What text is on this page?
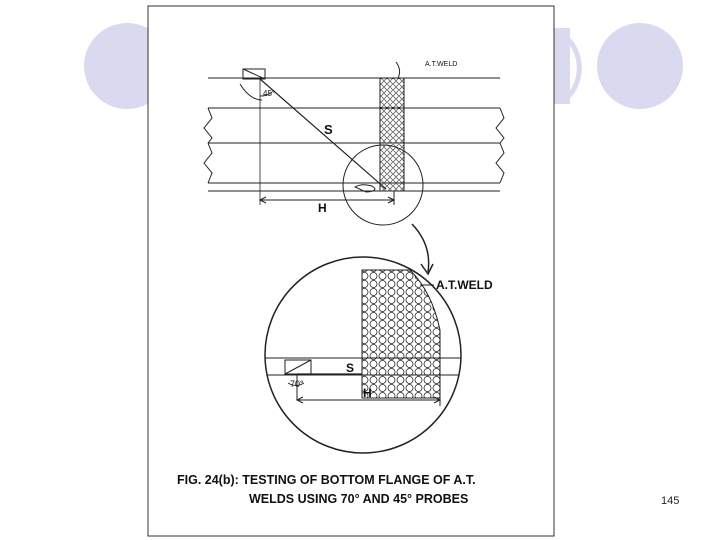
A.T.WELD
45°
S
H
A.T.WELD
70°
S
H
FIG. 24(b): TESTING OF BOTTOM FLANGE OF A.T.
WELDS USING 70° AND 45° PROBES	145
